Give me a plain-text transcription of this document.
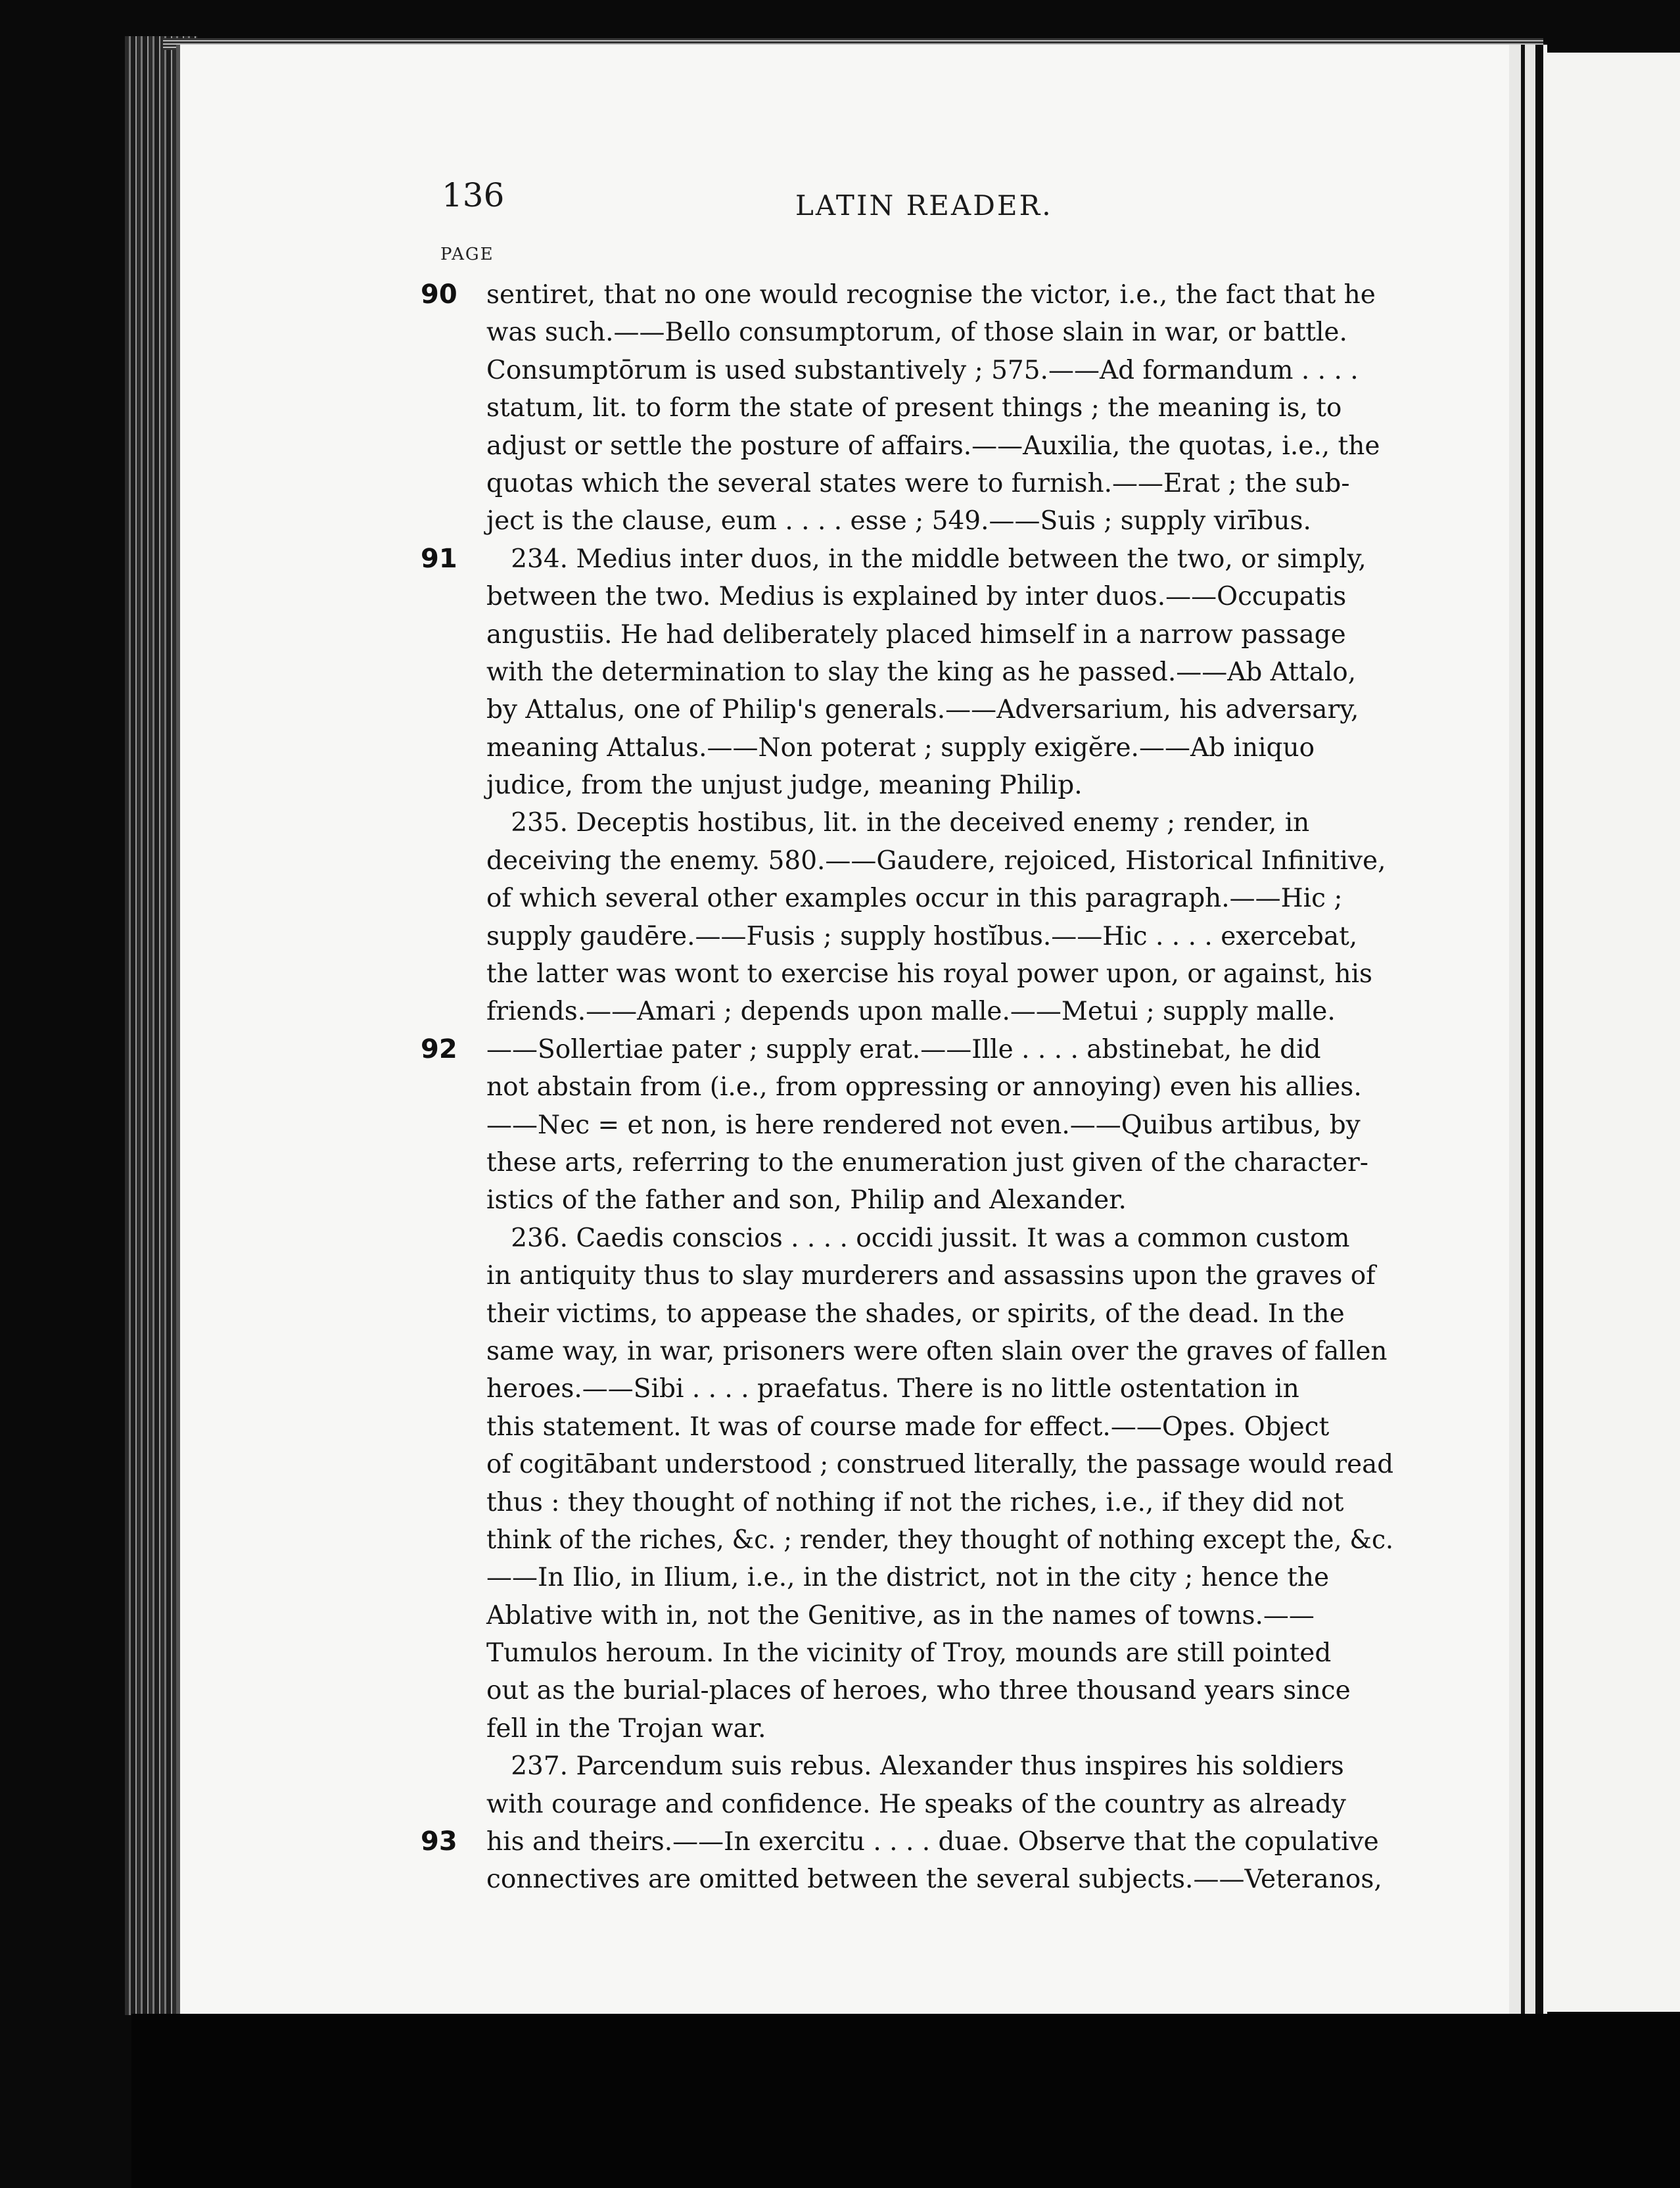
136	LATIN READER.
PAGE
90 sentiret, that no one would recognise the victor, i.e., the fact that he
was such.——Bello consumptorum, of those slain in war, or battle.
Consumptōrum is used substantively ; 575.——Ad formandum . . . .
statum, lit. to form the state of present things ; the meaning is, to
adjust or settle the posture of affairs.——Auxilia, the quotas, i.e., the
quotas which the several states were to furnish.——Erat ; the sub-
ject is the clause, eum . . . . esse ; 549.——Suis ; supply virībus.
91 234. Medius inter duos, in the middle between the two, or simply,
between the two. Medius is explained by inter duos.——Occupatis
angustiis. He had deliberately placed himself in a narrow passage
with the determination to slay the king as he passed.——Ab Attalo,
by Attalus, one of Philip's generals.——Adversarium, his adversary,
meaning Attalus.——Non poterat ; supply exigĕre.——Ab iniquo
judice, from the unjust judge, meaning Philip.
235. Deceptis hostibus, lit. in the deceived enemy ; render, in
deceiving the enemy. 580.——Gaudere, rejoiced, Historical Infinitive,
of which several other examples occur in this paragraph.——Hic ;
supply gaudēre.——Fusis ; supply hostĭbus.——Hic . . . . exercebat,
the latter was wont to exercise his royal power upon, or against, his
friends.——Amari ; depends upon malle.——Metui ; supply malle.
92 ——Sollertiae pater ; supply erat.——Ille . . . . abstinebat, he did
not abstain from (i.e., from oppressing or annoying) even his allies.
——Nec = et non, is here rendered not even.——Quibus artibus, by
these arts, referring to the enumeration just given of the character-
istics of the father and son, Philip and Alexander.
236. Caedis conscios . . . . occidi jussit. It was a common custom
in antiquity thus to slay murderers and assassins upon the graves of
their victims, to appease the shades, or spirits, of the dead. In the
same way, in war, prisoners were often slain over the graves of fallen
heroes.——Sibi . . . . praefatus. There is no little ostentation in
this statement. It was of course made for effect.——Opes. Object
of cogitābant understood ; construed literally, the passage would read
thus : they thought of nothing if not the riches, i.e., if they did not
think of the riches, &c. ; render, they thought of nothing except the, &c.
——In Ilio, in Ilium, i.e., in the district, not in the city ; hence the
Ablative with in, not the Genitive, as in the names of towns.——
Tumulos heroum. In the vicinity of Troy, mounds are still pointed
out as the burial-places of heroes, who three thousand years since
fell in the Trojan war.
237. Parcendum suis rebus. Alexander thus inspires his soldiers
with courage and confidence. He speaks of the country as already
93 his and theirs.——In exercitu . . . . duae. Observe that the copulative
connectives are omitted between the several subjects.——Veteranos,
